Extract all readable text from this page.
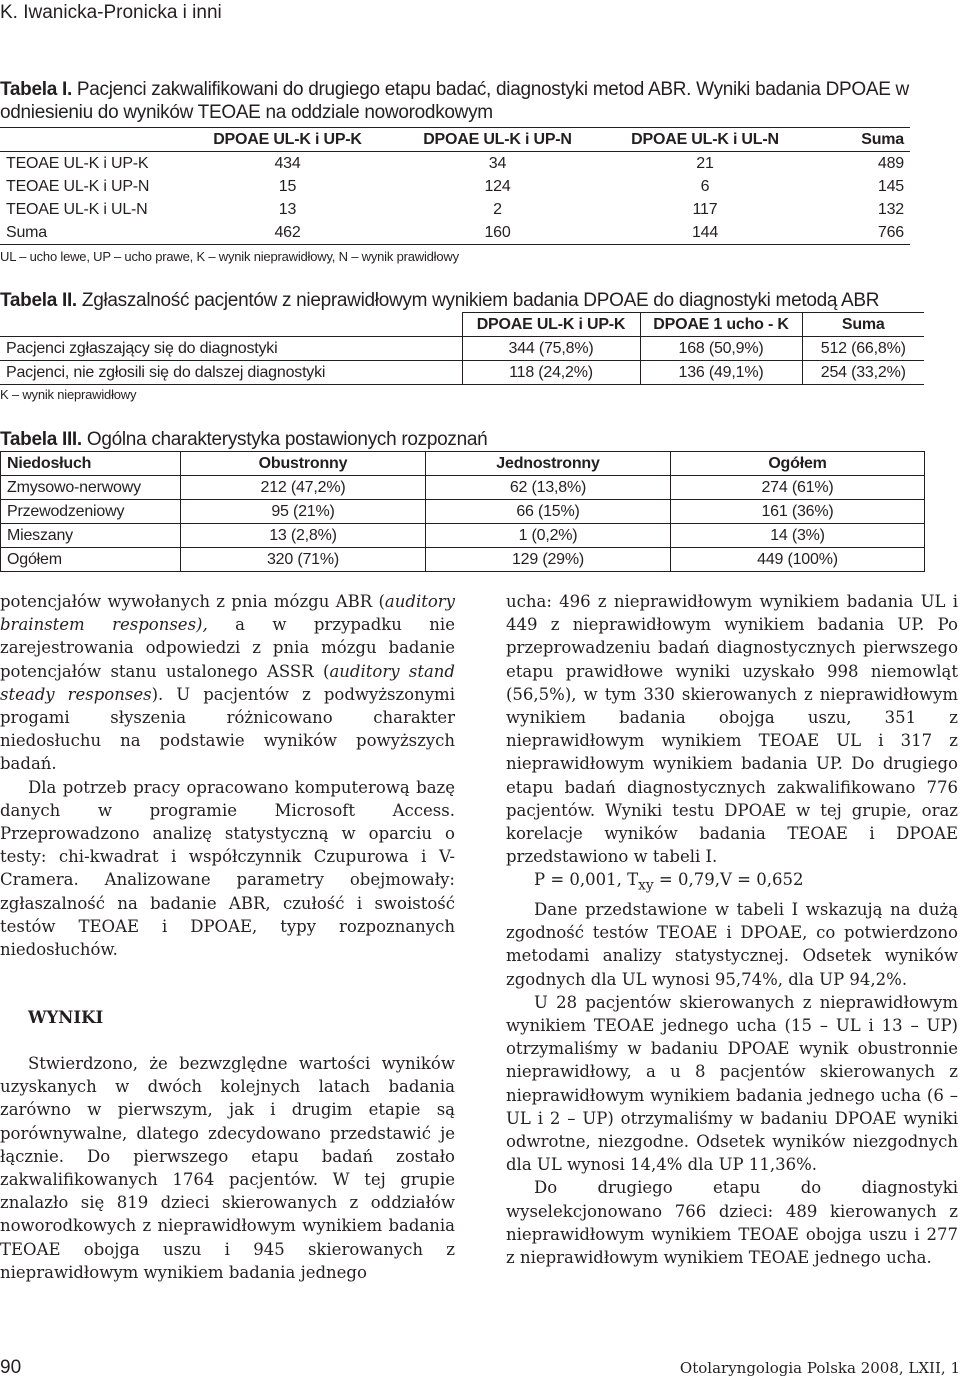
K. Iwanicka-Pronicka i inni
Tabela I. Pacjenci zakwalifikowani do drugiego etapu badać, diagnostyki metod ABR. Wyniki badania DPOAE w odniesieniu do wyników TEOAE na oddziale noworodkowym
	DPOAE UL-K i UP-K	DPOAE UL-K i UP-N	DPOAE UL-K i UL-N	Suma
TEOAE UL-K i UP-K	434	34	21	489
TEOAE UL-K i UP-N	15	124	6	145
TEOAE UL-K i UL-N	13	2	117	132
Suma	462	160	144	766
UL – ucho lewe, UP – ucho prawe, K – wynik nieprawidłowy, N – wynik prawidłowy
Tabela II. Zgłaszalność pacjentów z nieprawidłowym wynikiem badania DPOAE do diagnostyki metodą ABR
	DPOAE UL-K i UP-K	DPOAE 1 ucho - K	Suma
Pacjenci zgłaszający się do diagnostyki	344 (75,8%)	168 (50,9%)	512 (66,8%)
Pacjenci, nie zgłosili się do dalszej diagnostyki	118 (24,2%)	136 (49,1%)	254 (33,2%)
K – wynik nieprawidłowy
Tabela III. Ogólna charakterystyka postawionych rozpoznań
Niedosłuch	Obustronny	Jednostronny	Ogółem
Zmysowo-nerwowy	212 (47,2%)	62 (13,8%)	274 (61%)
Przewodzeniowy	95 (21%)	66 (15%)	161 (36%)
Mieszany	13 (2,8%)	1 (0,2%)	14 (3%)
Ogółem	320 (71%)	129 (29%)	449 (100%)

potencjałów wywołanych z pnia mózgu ABR (auditory brainstem responses), a w przypadku nie zarejestrowania odpowiedzi z pnia mózgu badanie potencjałów stanu ustalonego ASSR (auditory stand steady responses). U pacjentów z podwyższonymi progami słyszenia różnicowano charakter niedosłuchu na podstawie wyników powyższych badań.

Dla potrzeb pracy opracowano komputerową bazę danych w programie Microsoft Access. Przeprowadzono analizę statystyczną w oparciu o testy: chi-kwadrat i współczynnik Czupurowa i V-Cramera. Analizowane parametry obejmowały: zgłaszalność na badanie ABR, czułość i swoistość testów TEOAE i DPOAE, typy rozpoznanych niedosłuchów.

WYNIKI

Stwierdzono, że bezwzględne wartości wyników uzyskanych w dwóch kolejnych latach badania zarówno w pierwszym, jak i drugim etapie są porównywalne, dlatego zdecydowano przedstawić je łącznie. Do pierwszego etapu badań zostało zakwalifikowanych 1764 pacjentów. W tej grupie znalazło się 819 dzieci skierowanych z oddziałów noworodkowych z nieprawidłowym wynikiem badania TEOAE obojga uszu i 945 skierowanych z nieprawidłowym wynikiem badania jednego

ucha: 496 z nieprawidłowym wynikiem badania UL i 449 z nieprawidłowym wynikiem badania UP. Po przeprowadzeniu badań diagnostycznych pierwszego etapu prawidłowe wyniki uzyskało 998 niemowląt (56,5%), w tym 330 skierowanych z nieprawidłowym wynikiem badania obojga uszu, 351 z nieprawidłowym wynikiem TEOAE UL i 317 z nieprawidłowym wynikiem badania UP. Do drugiego etapu badań diagnostycznych zakwalifikowano 776 pacjentów. Wyniki testu DPOAE w tej grupie, oraz korelacje wyników badania TEOAE i DPOAE przedstawiono w tabeli I.

P = 0,001, $T_{xy} = 0,79,V = 0,652$

Dane przedstawione w tabeli I wskazują na dużą zgodność testów TEOAE i DPOAE, co potwierdzono metodami analizy statystycznej. Odsetek wyników zgodnych dla UL wynosi 95,74%, dla UP 94,2%.

U 28 pacjentów skierowanych z nieprawidłowym wynikiem TEOAE jednego ucha (15 – UL i 13 – UP) otrzymaliśmy w badaniu DPOAE wynik obustronnie nieprawidłowy, a u 8 pacjentów skierowanych z nieprawidłowym wynikiem badania jednego ucha (6 – UL i 2 – UP) otrzymaliśmy w badaniu DPOAE wyniki odwrotne, niezgodne. Odsetek wyników niezgodnych dla UL wynosi 14,4% dla UP 11,36%.

Do drugiego etapu do diagnostyki wyselekcjonowano 766 dzieci: 489 kierowanych z nieprawidłowym wynikiem TEOAE obojga uszu i 277 z nieprawidłowym wynikiem TEOAE jednego ucha.

90	Otolaryngologia Polska 2008, LXII, 1
